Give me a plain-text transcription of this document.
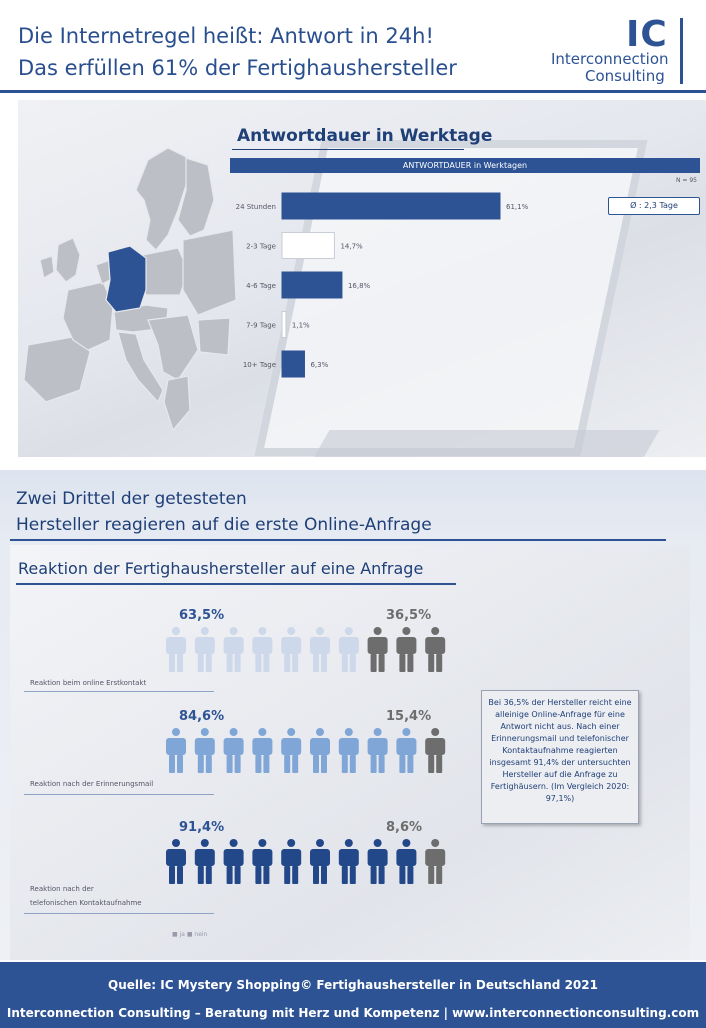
Die Internetregel heißt: Antwort in 24h!
Das erfüllen 61% der Fertighaushersteller
IC
Interconnection
Consulting
Antwortdauer in Werktage
ANTWORTDAUER in Werktagen
N = 95
Ø : 2,3 Tage
24 Stunden	61,1%
2-3 Tage	14,7%
4-6 Tage	16,8%
7-9 Tage 1,1%
10+ Tage	6,3%
Zwei Drittel der getesteten
Hersteller reagieren auf die erste Online-Anfrage
Reaktion der Fertighaushersteller auf eine Anfrage
63,5%	36,5%
84,6%	15,4%
91,4%	8,6%
Reaktion beim online Erstkontakt
Reaktion nach der Erinnerungsmail
Reaktion nach der
telefonischen Kontaktaufnahme
Bei 36,5% der Hersteller reicht eine alleinige Online-Anfrage für eine Antwort nicht aus. Nach einer Erinnerungsmail und telefonischer Kontaktaufnahme reagierten insgesamt 91,4% der untersuchten Hersteller auf die Anfrage zu Fertighäusern. (Im Vergleich 2020: 97,1%)
■ ja ■ nein
Quelle: IC Mystery Shopping© Fertighaushersteller in Deutschland 2021
Interconnection Consulting – Beratung mit Herz und Kompetenz | www.interconnectionconsulting.com
